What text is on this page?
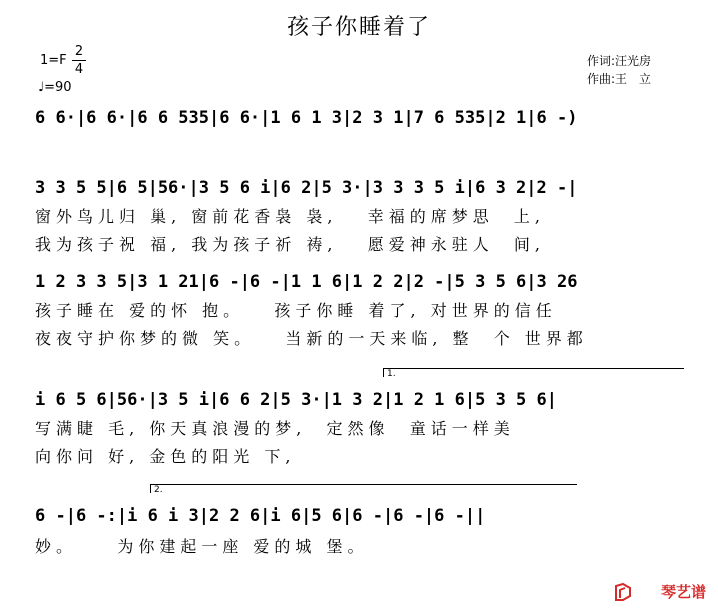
孩子你睡着了
1=F
2
4
♩=90
作词:汪光房
作曲:王　立
6 6·|6 6·|6 6 535|6 6·|1 6 1 3|2 3 1|7 6 535|2 1|6 -)
3 3 5 5|6 5|56·|3 5 6 i|6 2|5 3·|3 3 3 5 i|6 3 2|2 -|
窗外鸟儿归 巢, 窗前花香袅 袅,   幸福的席梦思  上,
我为孩子祝 福, 我为孩子祈 祷,   愿爱神永驻人  间,
1 2 3 3 5|3 1 21|6 -|6 -|1 1 6|1 2 2|2 -|5 3 5 6|3 26
孩子睡在 爱的怀 抱。   孩子你睡 着了, 对世界的信任
夜夜守护你梦的微 笑。   当新的一天来临, 整  个 世界都
1.
i 6 5 6|56·|3 5 i|6 6 2|5 3·|1 3 2|1 2 1 6|5 3 5 6|
写满睫 毛, 你天真浪漫的梦,  定然像  童话一样美
向你问 好, 金色的阳光 下,
2.
6 -|6 -:|i 6 i 3|2 2 6|i 6|5 6|6 -|6 -|6 -||
妙。    为你建起一座 爱的城 堡。
琴艺谱
